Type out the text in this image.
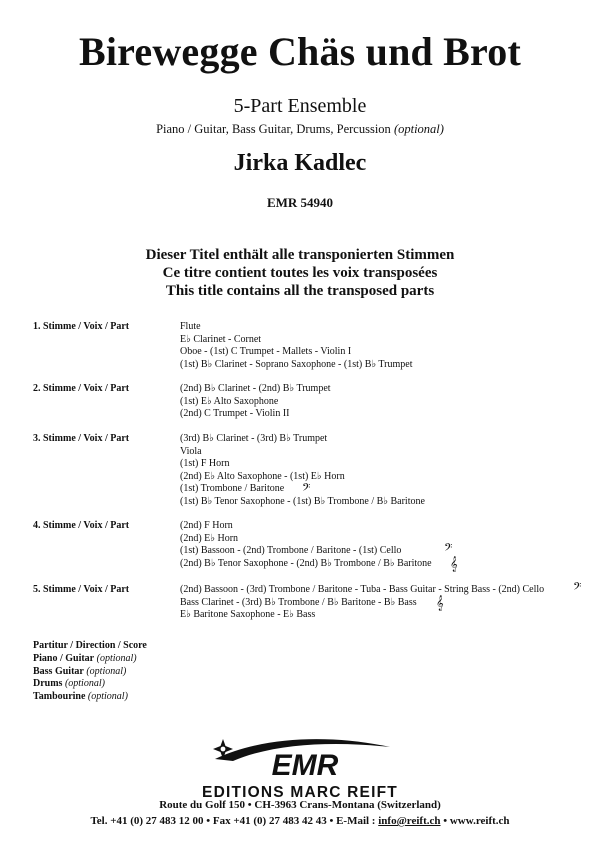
Birewegge Chäs und Brot
5-Part Ensemble
Piano / Guitar, Bass Guitar, Drums, Percussion (optional)
Jirka Kadlec
EMR 54940
Dieser Titel enthält alle transponierten Stimmen
Ce titre contient toutes les voix transposées
This title contains all the transposed parts
1. Stimme / Voix / Part	Flute
E♭ Clarinet - Cornet
Oboe - (1st) C Trumpet - Mallets - Violin I
(1st) B♭ Clarinet - Soprano Saxophone - (1st) B♭ Trumpet
2. Stimme / Voix / Part	(2nd) B♭ Clarinet - (2nd) B♭ Trumpet
(1st) E♭ Alto Saxophone
(2nd) C Trumpet - Violin II
3. Stimme / Voix / Part	(3rd) B♭ Clarinet - (3rd) B♭ Trumpet
Viola
(1st) F Horn
(2nd) E♭ Alto Saxophone - (1st) E♭ Horn
(1st) Trombone / Baritone 𝄢
(1st) B♭ Tenor Saxophone - (1st) B♭ Trombone / B♭ Baritone
4. Stimme / Voix / Part	(2nd) F Horn
(2nd) E♭ Horn
(1st) Bassoon - (2nd) Trombone / Baritone - (1st) Cello	𝄢
(2nd) B♭ Tenor Saxophone - (2nd) B♭ Trombone / B♭ Baritone 𝄞
5. Stimme / Voix / Part	(2nd) Bassoon - (3rd) Trombone / Baritone - Tuba - Bass Guitar - String Bass - (2nd) Cello 𝄢
Bass Clarinet - (3rd) B♭ Trombone / B♭ Baritone - B♭ Bass 𝄞
E♭ Baritone Saxophone - E♭ Bass
Partitur / Direction / Score
Piano / Guitar (optional)
Bass Guitar (optional)
Drums (optional)
Tambourine (optional)
EMR
EDITIONS MARC REIFT
Route du Golf 150 • CH-3963 Crans-Montana (Switzerland)
Tel. +41 (0) 27 483 12 00 • Fax +41 (0) 27 483 42 43 • E-Mail : info@reift.ch • www.reift.ch
